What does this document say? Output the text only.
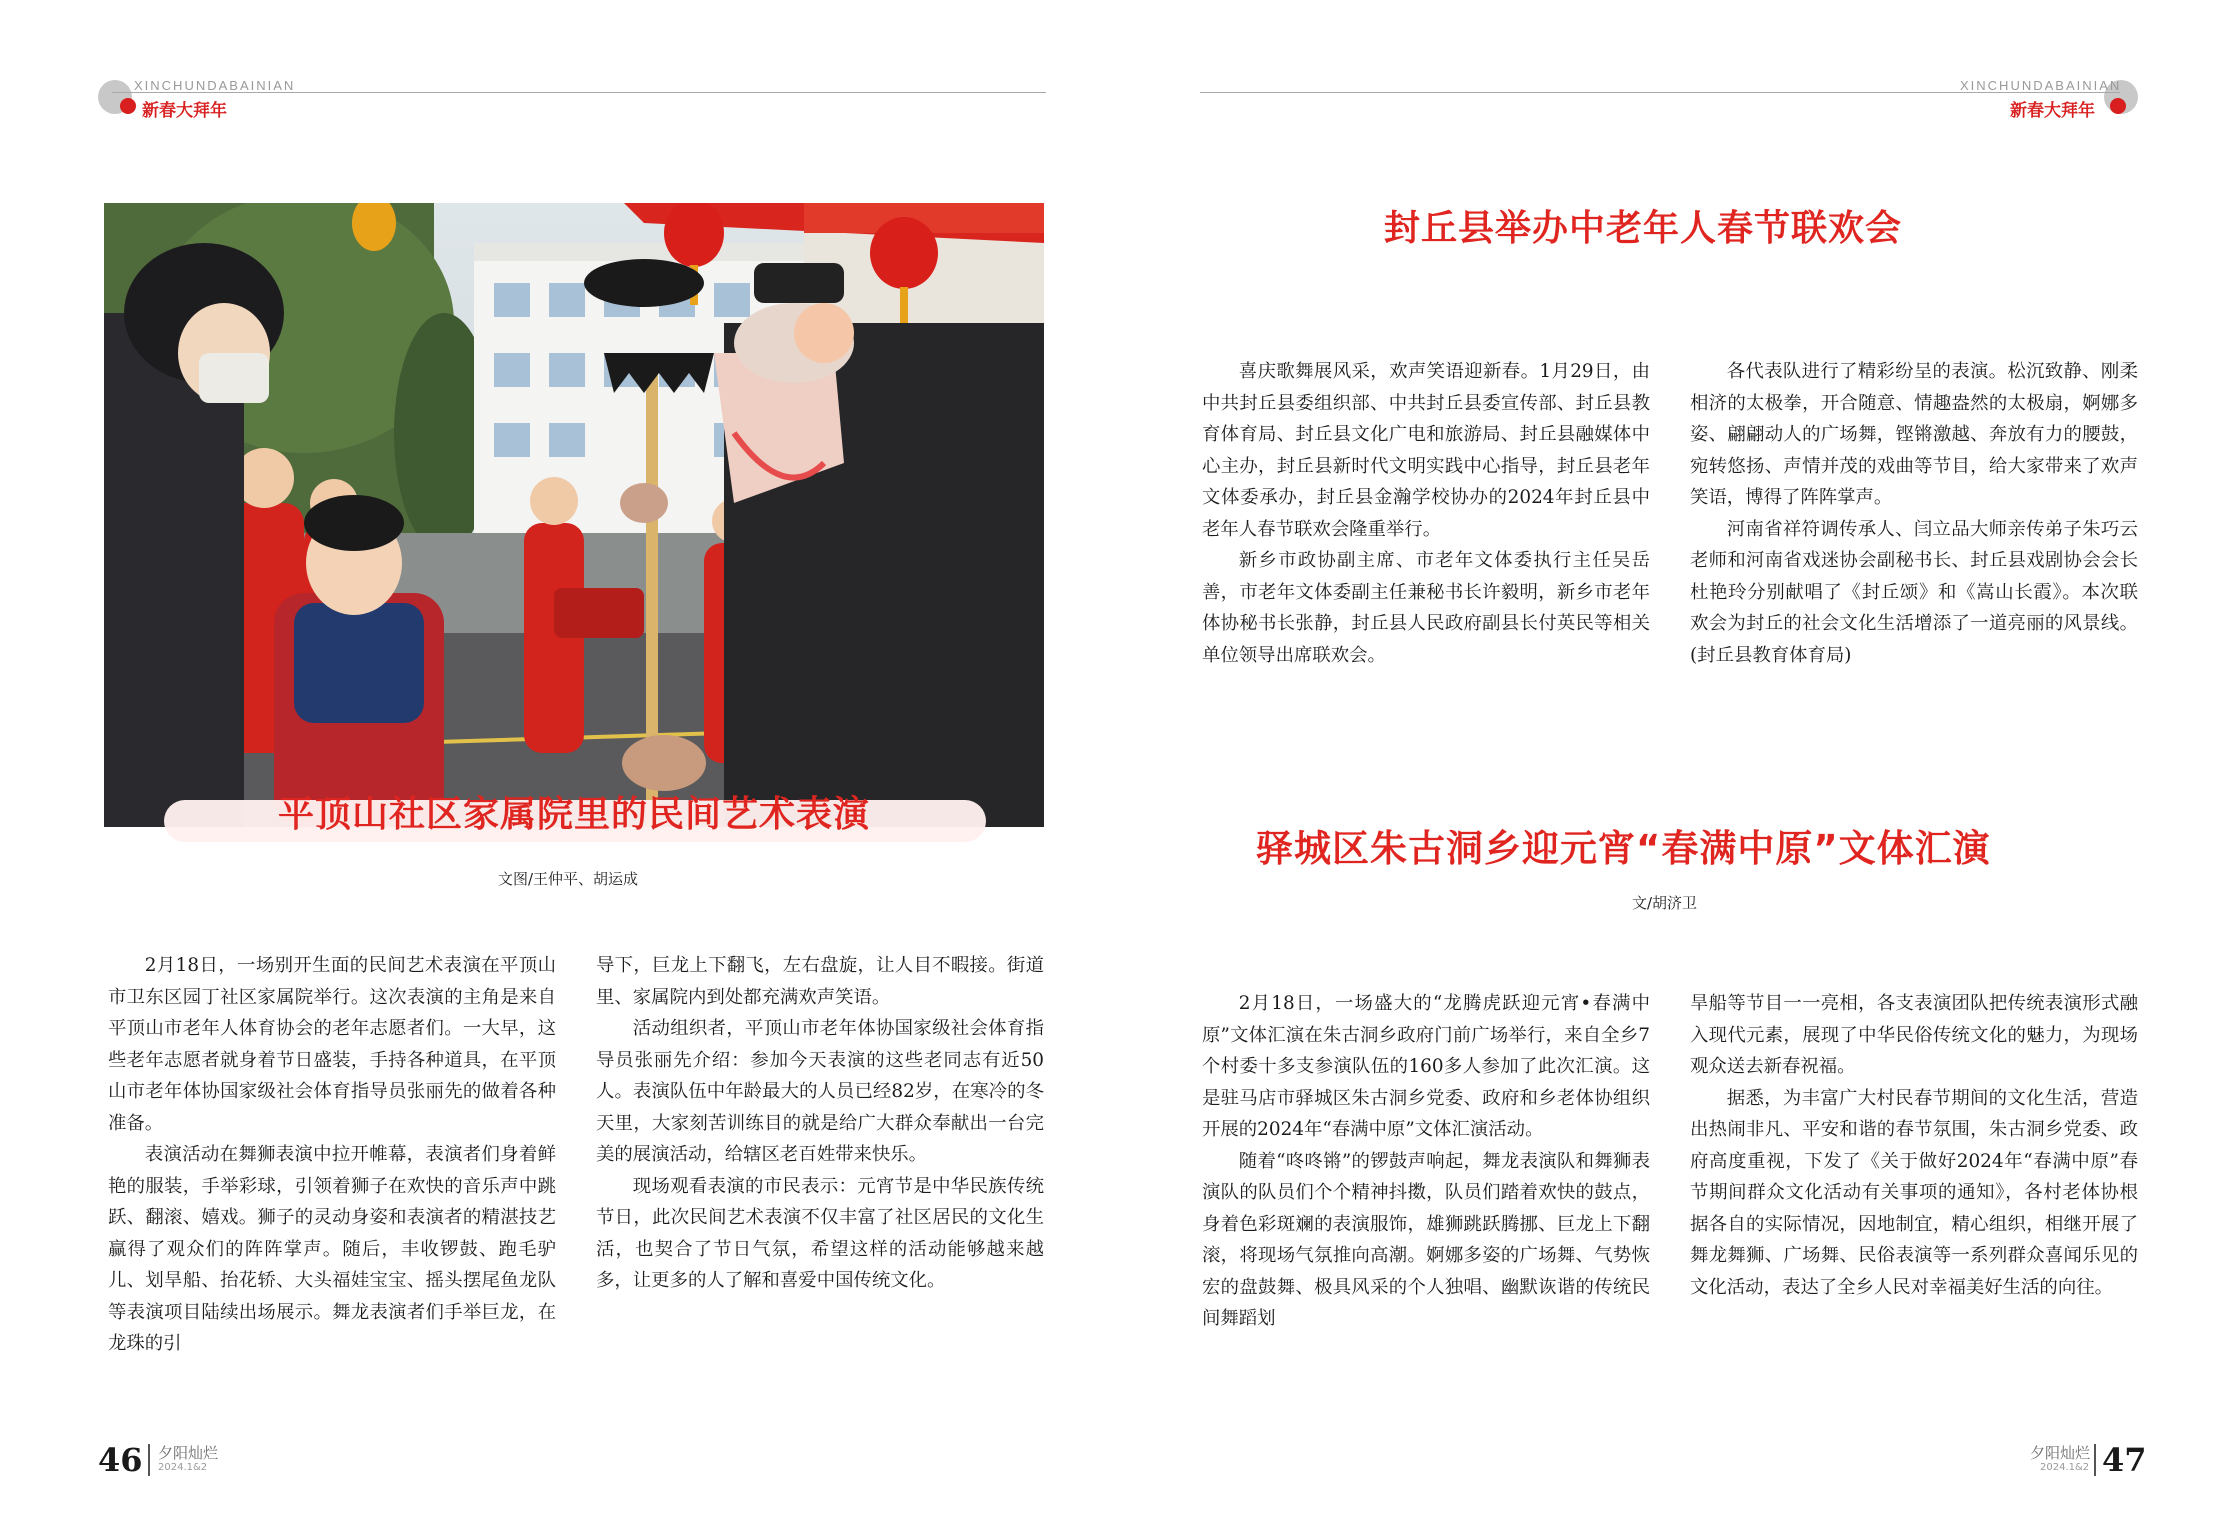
XINCHUNDABAINIAN
新春大拜年
XINCHUNDABAINIAN
新春大拜年
平顶山社区家属院里的民间艺术表演
文图/王仲平、胡运成

2月18日，一场别开生面的民间艺术表演在平顶山市卫东区园丁社区家属院举行。这次表演的主角是来自平顶山市老年人体育协会的老年志愿者们。一大早，这些老年志愿者就身着节日盛装，手持各种道具，在平顶山市老年体协国家级社会体育指导员张丽先的做着各种准备。

表演活动在舞狮表演中拉开帷幕，表演者们身着鲜艳的服装，手举彩球，引领着狮子在欢快的音乐声中跳跃、翻滚、嬉戏。狮子的灵动身姿和表演者的精湛技艺赢得了观众们的阵阵掌声。随后，丰收锣鼓、跑毛驴儿、划旱船、抬花轿、大头福娃宝宝、摇头摆尾鱼龙队等表演项目陆续出场展示。舞龙表演者们手举巨龙，在龙珠的引

导下，巨龙上下翻飞，左右盘旋，让人目不暇接。街道里、家属院内到处都充满欢声笑语。

活动组织者，平顶山市老年体协国家级社会体育指导员张丽先介绍：参加今天表演的这些老同志有近50人。表演队伍中年龄最大的人员已经82岁，在寒冷的冬天里，大家刻苦训练目的就是给广大群众奉献出一台完美的展演活动，给辖区老百姓带来快乐。

现场观看表演的市民表示：元宵节是中华民族传统节日，此次民间艺术表演不仅丰富了社区居民的文化生活，也契合了节日气氛，希望这样的活动能够越来越多，让更多的人了解和喜爱中国传统文化。

封丘县举办中老年人春节联欢会

喜庆歌舞展风采，欢声笑语迎新春。1月29日，由中共封丘县委组织部、中共封丘县委宣传部、封丘县教育体育局、封丘县文化广电和旅游局、封丘县融媒体中心主办，封丘县新时代文明实践中心指导，封丘县老年文体委承办，封丘县金瀚学校协办的2024年封丘县中老年人春节联欢会隆重举行。

新乡市政协副主席、市老年文体委执行主任吴岳善，市老年文体委副主任兼秘书长许毅明，新乡市老年体协秘书长张静，封丘县人民政府副县长付英民等相关单位领导出席联欢会。

各代表队进行了精彩纷呈的表演。松沉致静、刚柔相济的太极拳，开合随意、情趣盎然的太极扇，婀娜多姿、翩翩动人的广场舞，铿锵激越、奔放有力的腰鼓，宛转悠扬、声情并茂的戏曲等节目，给大家带来了欢声笑语，博得了阵阵掌声。

河南省祥符调传承人、闫立品大师亲传弟子朱巧云老师和河南省戏迷协会副秘书长、封丘县戏剧协会会长杜艳玲分别献唱了《封丘颂》和《嵩山长霞》。本次联欢会为封丘的社会文化生活增添了一道亮丽的风景线。(封丘县教育体育局)

驿城区朱古洞乡迎元宵“春满中原”文体汇演
文/胡济卫

2月18日，一场盛大的“龙腾虎跃迎元宵•春满中原”文体汇演在朱古洞乡政府门前广场举行，来自全乡7个村委十多支参演队伍的160多人参加了此次汇演。这是驻马店市驿城区朱古洞乡党委、政府和乡老体协组织开展的2024年“春满中原”文体汇演活动。

随着“咚咚锵”的锣鼓声响起，舞龙表演队和舞狮表演队的队员们个个精神抖擞，队员们踏着欢快的鼓点，身着色彩斑斓的表演服饰，雄狮跳跃腾挪、巨龙上下翻滚，将现场气氛推向高潮。婀娜多姿的广场舞、气势恢宏的盘鼓舞、极具风采的个人独唱、幽默诙谐的传统民间舞蹈划

旱船等节目一一亮相，各支表演团队把传统表演形式融入现代元素，展现了中华民俗传统文化的魅力，为现场观众送去新春祝福。

据悉，为丰富广大村民春节期间的文化生活，营造出热闹非凡、平安和谐的春节氛围，朱古洞乡党委、政府高度重视，下发了《关于做好2024年“春满中原”春节期间群众文化活动有关事项的通知》，各村老体协根据各自的实际情况，因地制宜，精心组织，相继开展了舞龙舞狮、广场舞、民俗表演等一系列群众喜闻乐见的文化活动，表达了全乡人民对幸福美好生活的向往。

46 夕阳灿烂
2024.1&2
夕阳灿烂
2024.1&2 47
